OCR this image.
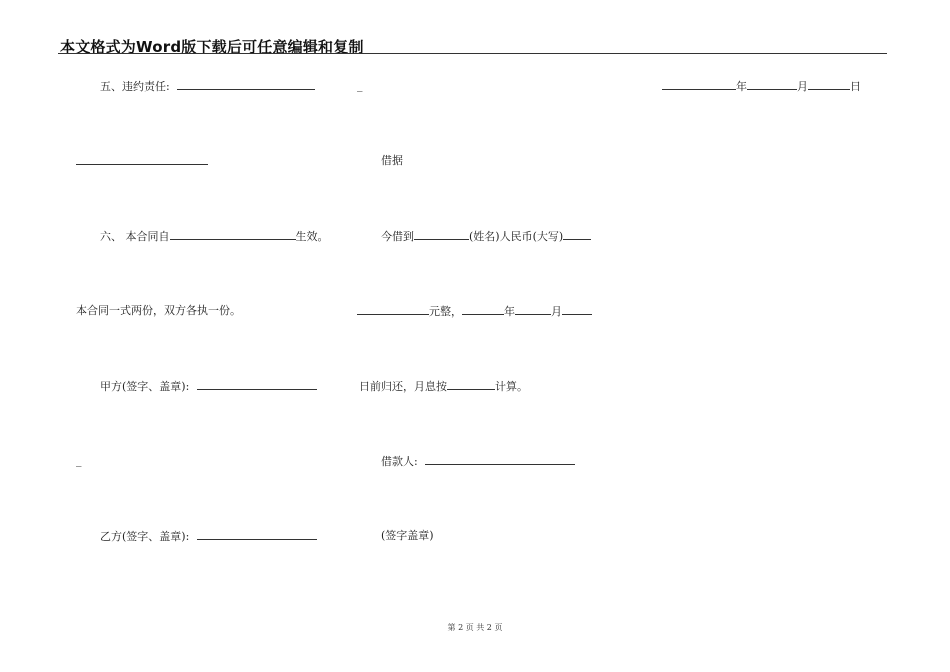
本文格式为Word版下载后可任意编辑和复制
五、违约责任:
六、 本合同自	生效。
本合同一式两份，双方各执一份。
甲方(签字、盖章):
_
乙方(签字、盖章):
_	年	月	日
借据
今借到	(姓名)人民币(大写)
元整，	年	月
日前归还，月息按	计算。
借款人:
(签字盖章)
第 2 页 共 2 页
